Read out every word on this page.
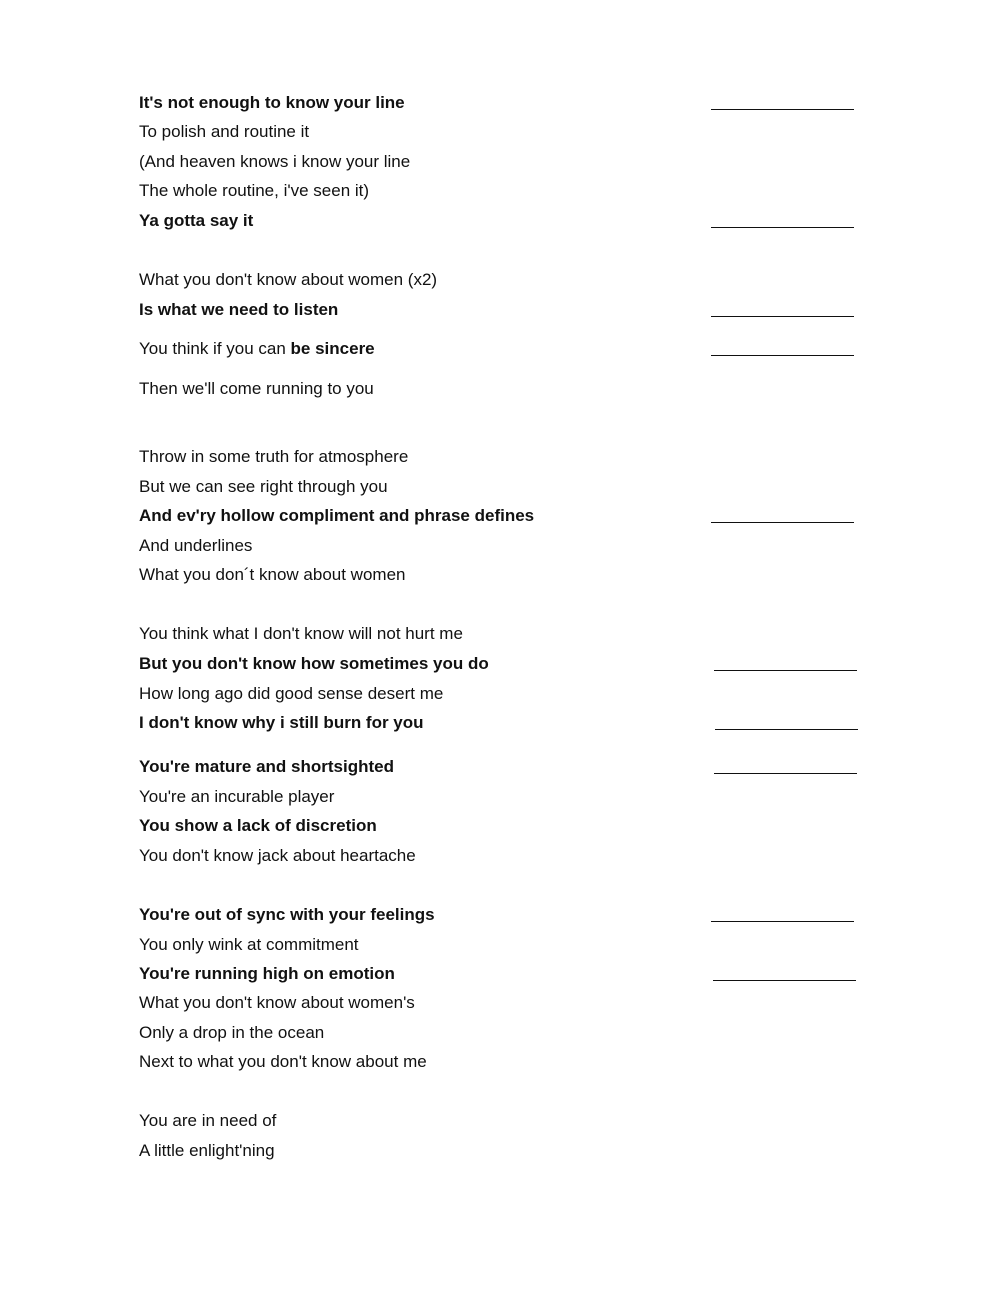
It's not enough to know your line
To polish and routine it
(And heaven knows i know your line
The whole routine, i've seen it)
Ya gotta say it
What you don't know about women (x2)
Is what we need to listen
You think if you can be sincere
Then we'll come running to you
Throw in some truth for atmosphere
But we can see right through you
And ev'ry hollow compliment and phrase defines
And underlines
What you don´t know about women
You think what I don't know will not hurt me
But you don't know how sometimes you do
How long ago did good sense desert me
I don't know why i still burn for you
You're mature and shortsighted
You're an incurable player
You show a lack of discretion
You don't know jack about heartache
You're out of sync with your feelings
You only wink at commitment
You're running high on emotion
What you don't know about women's
Only a drop in the ocean
Next to what you don't know about me
You are in need of
A little enlight'ning
